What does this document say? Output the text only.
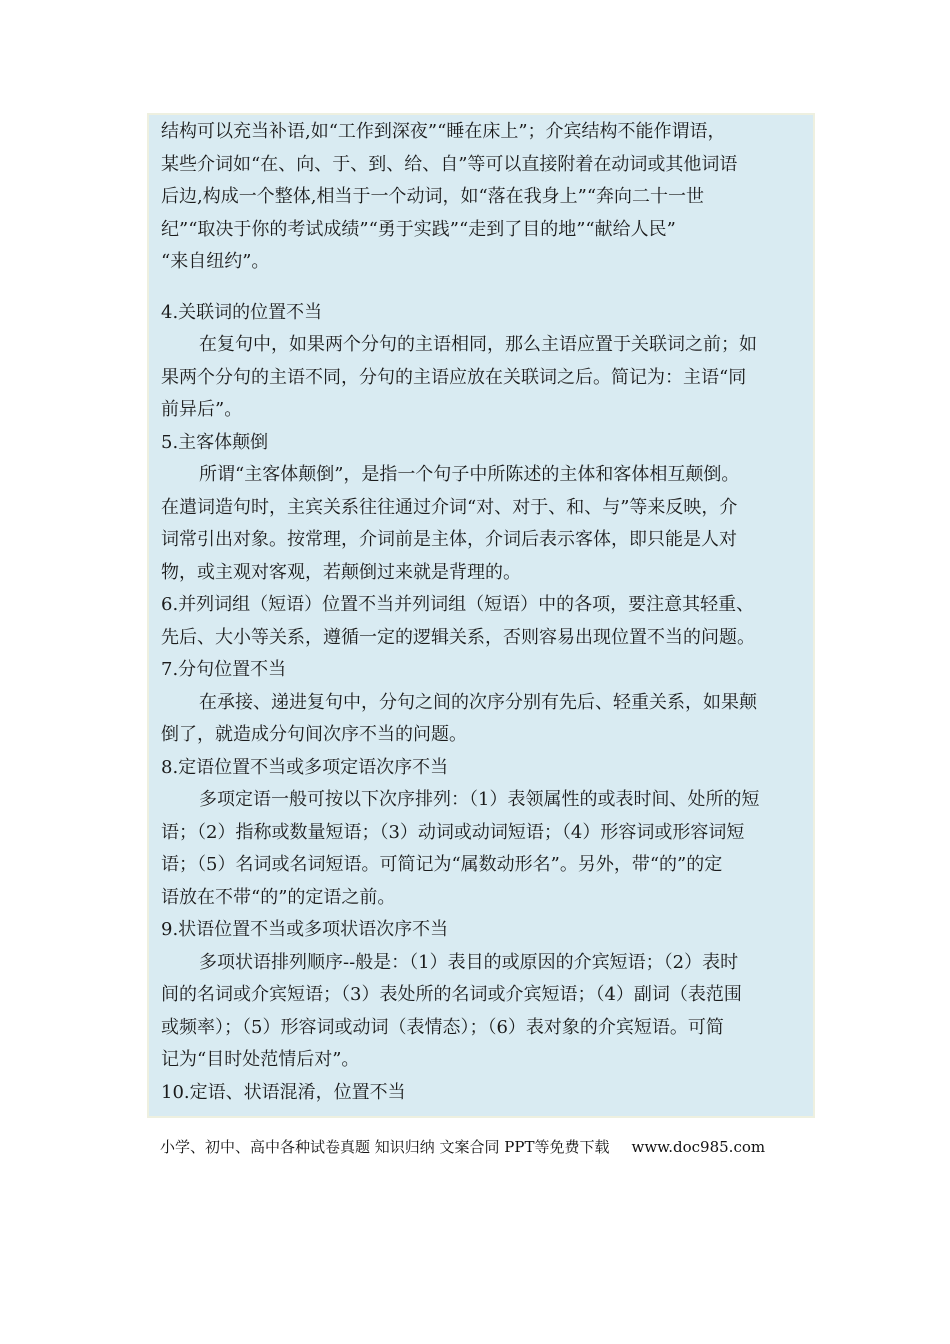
结构可以充当补语,如“工作到深夜”“睡在床上”；介宾结构不能作谓语，

某些介词如“在、向、于、到、给、自”等可以直接附着在动词或其他词语

后边,构成一个整体,相当于一个动词，如“落在我身上”“奔向二十一世

纪”“取决于你的考试成绩”“勇于实践”“走到了目的地”“献给人民”

“来自纽约”。

4.关联词的位置不当

在复句中，如果两个分句的主语相同，那么主语应置于关联词之前；如

果两个分句的主语不同，分句的主语应放在关联词之后。简记为：主语“同

前异后”。

5.主客体颠倒

所谓“主客体颠倒”，是指一个句子中所陈述的主体和客体相互颠倒。

在遣词造句时，主宾关系往往通过介词“对、对于、和、与”等来反映，介

词常引出对象。按常理，介词前是主体，介词后表示客体，即只能是人对

物，或主观对客观，若颠倒过来就是背理的。

6.并列词组（短语）位置不当并列词组（短语）中的各项，要注意其轻重、

先后、大小等关系，遵循一定的逻辑关系，否则容易出现位置不当的问题。

7.分句位置不当

在承接、递进复句中，分句之间的次序分别有先后、轻重关系，如果颠

倒了，就造成分句间次序不当的问题。

8.定语位置不当或多项定语次序不当

多项定语一般可按以下次序排列：（1）表领属性的或表时间、处所的短

语；（2）指称或数量短语；（3）动词或动词短语；（4）形容词或形容词短

语；（5）名词或名词短语。可简记为“属数动形名”。另外，带“的”的定

语放在不带“的”的定语之前。

9.状语位置不当或多项状语次序不当

多项状语排列顺序--般是：（1）表目的或原因的介宾短语；（2）表时

间的名词或介宾短语；（3）表处所的名词或介宾短语；（4）副词（表范围

或频率）；（5）形容词或动词（表情态）；（6）表对象的介宾短语。可简

记为“目时处范情后对”。

10.定语、状语混淆，位置不当

小学、初中、高中各种试卷真题 知识归纳 文案合同 PPT等免费下载 www.doc985.com
